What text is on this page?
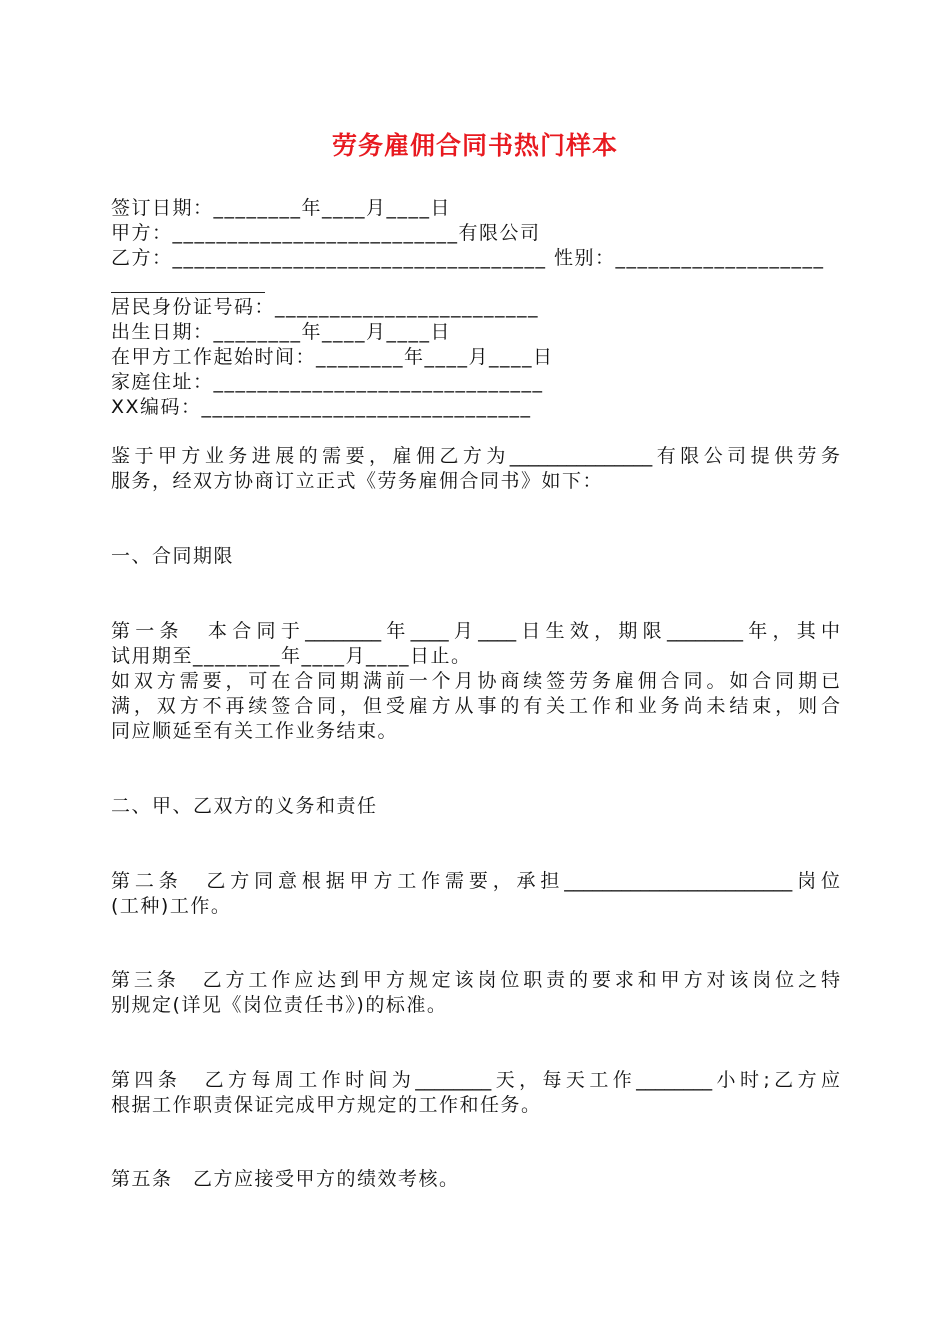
劳务雇佣合同书热门样本
签订日期：________年____月____日
甲方：__________________________有限公司
乙方：__________________________________ 性别：___________________
居民身份证号码：________________________
出生日期：________年____月____日
在甲方工作起始时间：________年____月____日
家庭住址：______________________________
XX编码：______________________________
鉴于甲方业务进展的需要，雇佣乙方为_______________有限公司提供劳务
服务，经双方协商订立正式《劳务雇佣合同书》如下：
一、合同期限
第一条　本合同于________年____月____日生效，期限________年，其中
试用期至________年____月____日止。
如双方需要，可在合同期满前一个月协商续签劳务雇佣合同。如合同期已
满，双方不再续签合同，但受雇方从事的有关工作和业务尚未结束，则合
同应顺延至有关工作业务结束。
二、甲、乙双方的义务和责任
第二条　乙方同意根据甲方工作需要，承担________________________岗位
(工种)工作。
第三条　乙方工作应达到甲方规定该岗位职责的要求和甲方对该岗位之特
别规定(详见《岗位责任书》)的标准。
第四条　乙方每周工作时间为________天，每天工作________小时;乙方应
根据工作职责保证完成甲方规定的工作和任务。
第五条　乙方应接受甲方的绩效考核。
